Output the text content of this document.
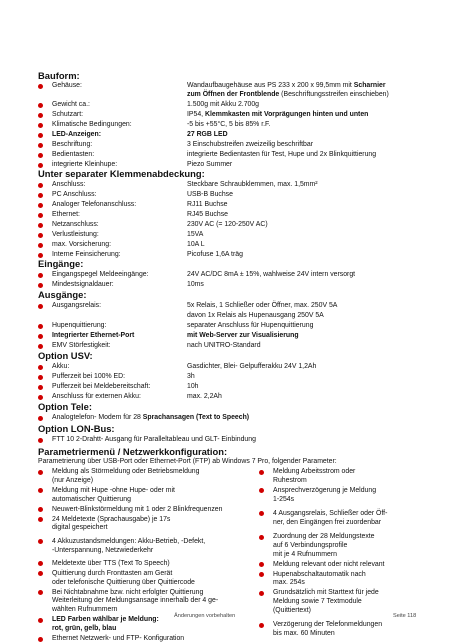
Bauform:
Gehäuse:	Wandaufbaugehäuse aus PS 233 x 200 x 99,5mm mit Scharnier
zum Öffnen der Frontblende (Beschriftungsstreifen einschieben)
Gewicht ca.:	1.500g mit Akku 2.700g
Schutzart:	IP54, Klemmkasten mit Vorprägungen hinten und unten
Klimatische Bedingungen:	-5 bis +55°C, 5 bis 85% r.F.
LED-Anzeigen:	27 RGB LED
Beschriftung:	3 Einschubstreifen zweizeilig beschriftbar
Bedientasten:	integrierte Bedientasten für Test, Hupe und 2x Blinkquittierung
integrierte Kleinhupe:	Piezo Summer
Unter separater Klemmenabdeckung:
Anschluss:	Steckbare Schraubklemmen, max. 1,5mm²
PC Anschluss:	USB-B Buchse
Analoger Telefonanschluss:	RJ11 Buchse
Ethernet:	RJ45 Buchse
Netzanschluss:	230V AC (= 120-250V AC)
Verlustleistung:	15VA
max. Vorsicherung:	10A L
Interne Feinsicherung:	Picofuse 1,6A träg
Eingänge:
Eingangspegel Meldeeingänge:	24V AC/DC 8mA ± 15%, wahlweise 24V intern versorgt
Mindestsignaldauer:	10ms
Ausgänge:
Ausgangsrelais:	5x Relais, 1 Schließer oder Öffner, max. 250V 5A
davon 1x Relais als Hupenausgang 250V 5A
Hupenquittierung:	separater Anschluss für Hupenquittierung
Integrierter Ethernet-Port	mit Web-Server zur Visualisierung
EMV Störfestigkeit:	nach UNITRO-Standard
Option USV:
Akku:	Gasdichter, Blei- Gelpufferakku 24V 1,2Ah
Pufferzeit bei 100% ED:	3h
Pufferzeit bei Meldebereitschaft:	10h
Anschluss für externen Akku:	max. 2,2Ah
Option Tele:
Analogtelefon- Modem für 28 Sprachansagen (Text to Speech)
Option LON-Bus:
FTT 10 2-Drahtt- Ausgang für Paralleltableau und GLT- Einbindung
Parametriermenü / Netzwerkkonfiguration:
Parametrierung über USB-Port oder Ethernet-Port (FTP) ab Windows 7 Pro, folgender Parameter:
Meldung als Störmeldung oder Betriebsmeldung
(nur Anzeige)
Meldung mit Hupe -ohne Hupe- oder mit
automatischer Quittierung
Neuwert-Blinkstörmeldung mit 1 oder 2 Blinkfrequenzen
24 Meldetexte (Sprachausgabe) je 17s
digital gespeichert
4 Akkuzustandsmeldungen: Akku-Betrieb, -Defekt,
-Unterspannung, Netzwiederkehr
Meldetexte über TTS (Text To Speech)
Quittierung durch Fronttasten am Gerät
oder telefonische Quittierung über Quittiercode
Bei Nichtabnahme bzw. nicht erfolgter Quittierung
Weiterleitung der Meldungsansage innerhalb der 4 ge-
wählten Rufnummern
LED Farben wählbar je Meldung:
rot, grün, gelb, blau
Ethernet Netzwerk- und FTP- Konfiguration
Meldung Arbeitsstrom oder
Ruhestrom
Ansprechverzögerung je Meldung
1-254s
4 Ausgangsrelais, Schließer oder Öff-
ner, den Eingängen frei zuordenbar
Zuordnung der 28 Meldungstexte
auf 6 Verbindungsprofile
mit je 4 Rufnummern
Meldung relevant oder nicht relevant
Hupenabschaltautomatik nach
max. 254s
Grundsätzlich mit Starttext für jede
Meldung sowie 7 Textmodule
(Quittiertext)
Verzögerung der Telefonmeldungen
bis max. 60 Minuten
Änderungen vorbehalten	Seite 118
